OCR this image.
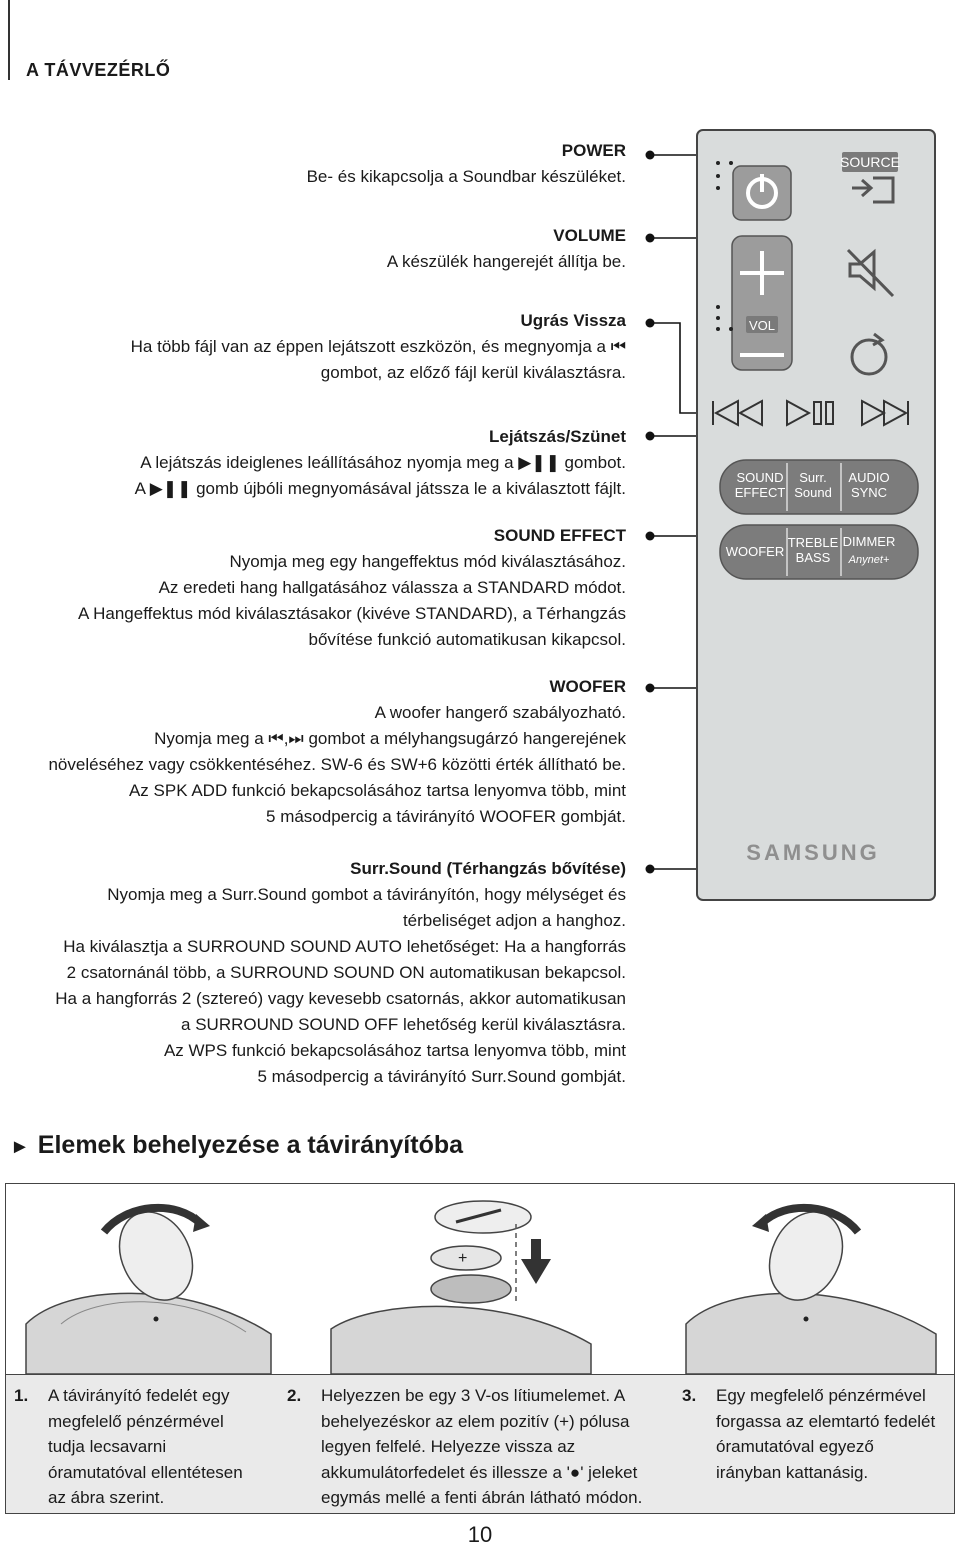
A TÁVVEZÉRLŐ
POWER
Be- és kikapcsolja a Soundbar készüléket.
VOLUME
A készülék hangerejét állítja be.
Ugrás Vissza
Ha több fájl van az éppen lejátszott eszközön, és megnyomja a ⏮
gombot, az előző fájl kerül kiválasztásra.
Lejátszás/Szünet
A lejátszás ideiglenes leállításához nyomja meg a ▶❚❚ gombot.
A ▶❚❚ gomb újbóli megnyomásával játssza le a kiválasztott fájlt.
SOUND EFFECT
Nyomja meg egy hangeffektus mód kiválasztásához.
Az eredeti hang hallgatásához válassza a STANDARD módot.
A Hangeffektus mód kiválasztásakor (kivéve STANDARD), a Térhangzás
bővítése funkció automatikusan kikapcsol.
WOOFER
A woofer hangerő szabályozható.
Nyomja meg a ⏮,⏭ gombot a mélyhangsugárzó hangerejének
növeléséhez vagy csökkentéséhez. SW-6 és SW+6 közötti érték állítható be.
Az SPK ADD funkció bekapcsolásához tartsa lenyomva több, mint
5 másodpercig a távirányító WOOFER gombját.
Surr.Sound (Térhangzás bővítése)
Nyomja meg a Surr.Sound gombot a távirányítón, hogy mélységet és
térbeliséget adjon a hanghoz.
Ha kiválasztja a SURROUND SOUND AUTO lehetőséget: Ha a hangforrás
2 csatornánál több, a SURROUND SOUND ON automatikusan bekapcsol.
Ha a hangforrás 2 (sztereó) vagy kevesebb csatornás, akkor automatikusan
a SURROUND SOUND OFF lehetőség kerül kiválasztásra.
Az WPS funkció bekapcsolásához tartsa lenyomva több, mint
5 másodpercig a távirányító Surr.Sound gombját.
SOURCE
VOL
SOUND
EFFECT
Surr.
Sound
AUDIO
SYNC
WOOFER
TREBLE
BASS
DIMMER
Anynet+
SAMSUNG
► Elemek behelyezése a távirányítóba
+
1. A távirányító fedelét egy
megfelelő pénzérmével
tudja lecsavarni
óramutatóval ellentétesen
az ábra szerint.
2. Helyezzen be egy 3 V-os lítiumelemet. A
behelyezéskor az elem pozitív (+) pólusa
legyen felfelé. Helyezze vissza az
akkumulátorfedelet és illessze a '●' jeleket
egymás mellé a fenti ábrán látható módon.
3. Egy megfelelő pénzérmével
forgassa az elemtartó fedelét
óramutatóval egyező
irányban kattanásig.
10
